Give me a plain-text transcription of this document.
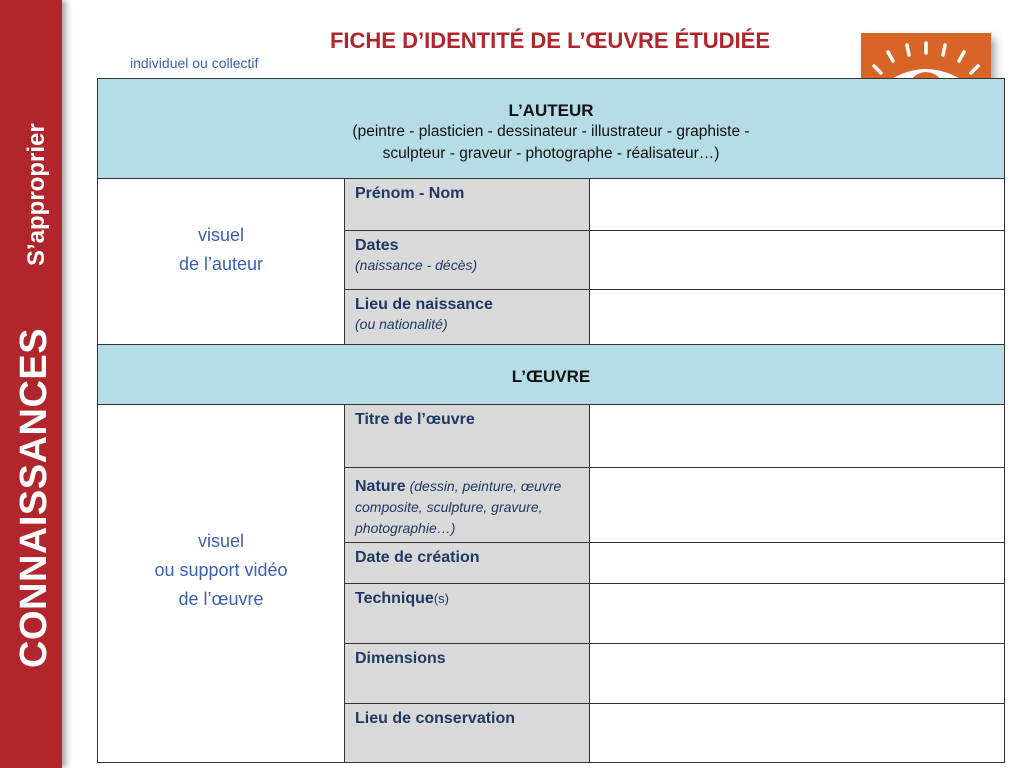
CONNAISSANCES
S’approprier
FICHE D’IDENTITÉ DE L’ŒUVRE ÉTUDIÉE
individuel ou collectif
L’AUTEUR
(peintre - plasticien - dessinateur - illustrateur - graphiste -
sculpteur - graveur - photographe - réalisateur…)
visuel
de l’auteur
Prénom - Nom
Dates
(naissance - décès)
Lieu de naissance
(ou nationalité)
L’ŒUVRE
visuel
ou support vidéo
de l’œuvre
Titre de l’œuvre
Nature (dessin, peinture, œuvre composite, sculpture, gravure, photographie…)
Date de création
Technique(s)
Dimensions
Lieu de conservation
